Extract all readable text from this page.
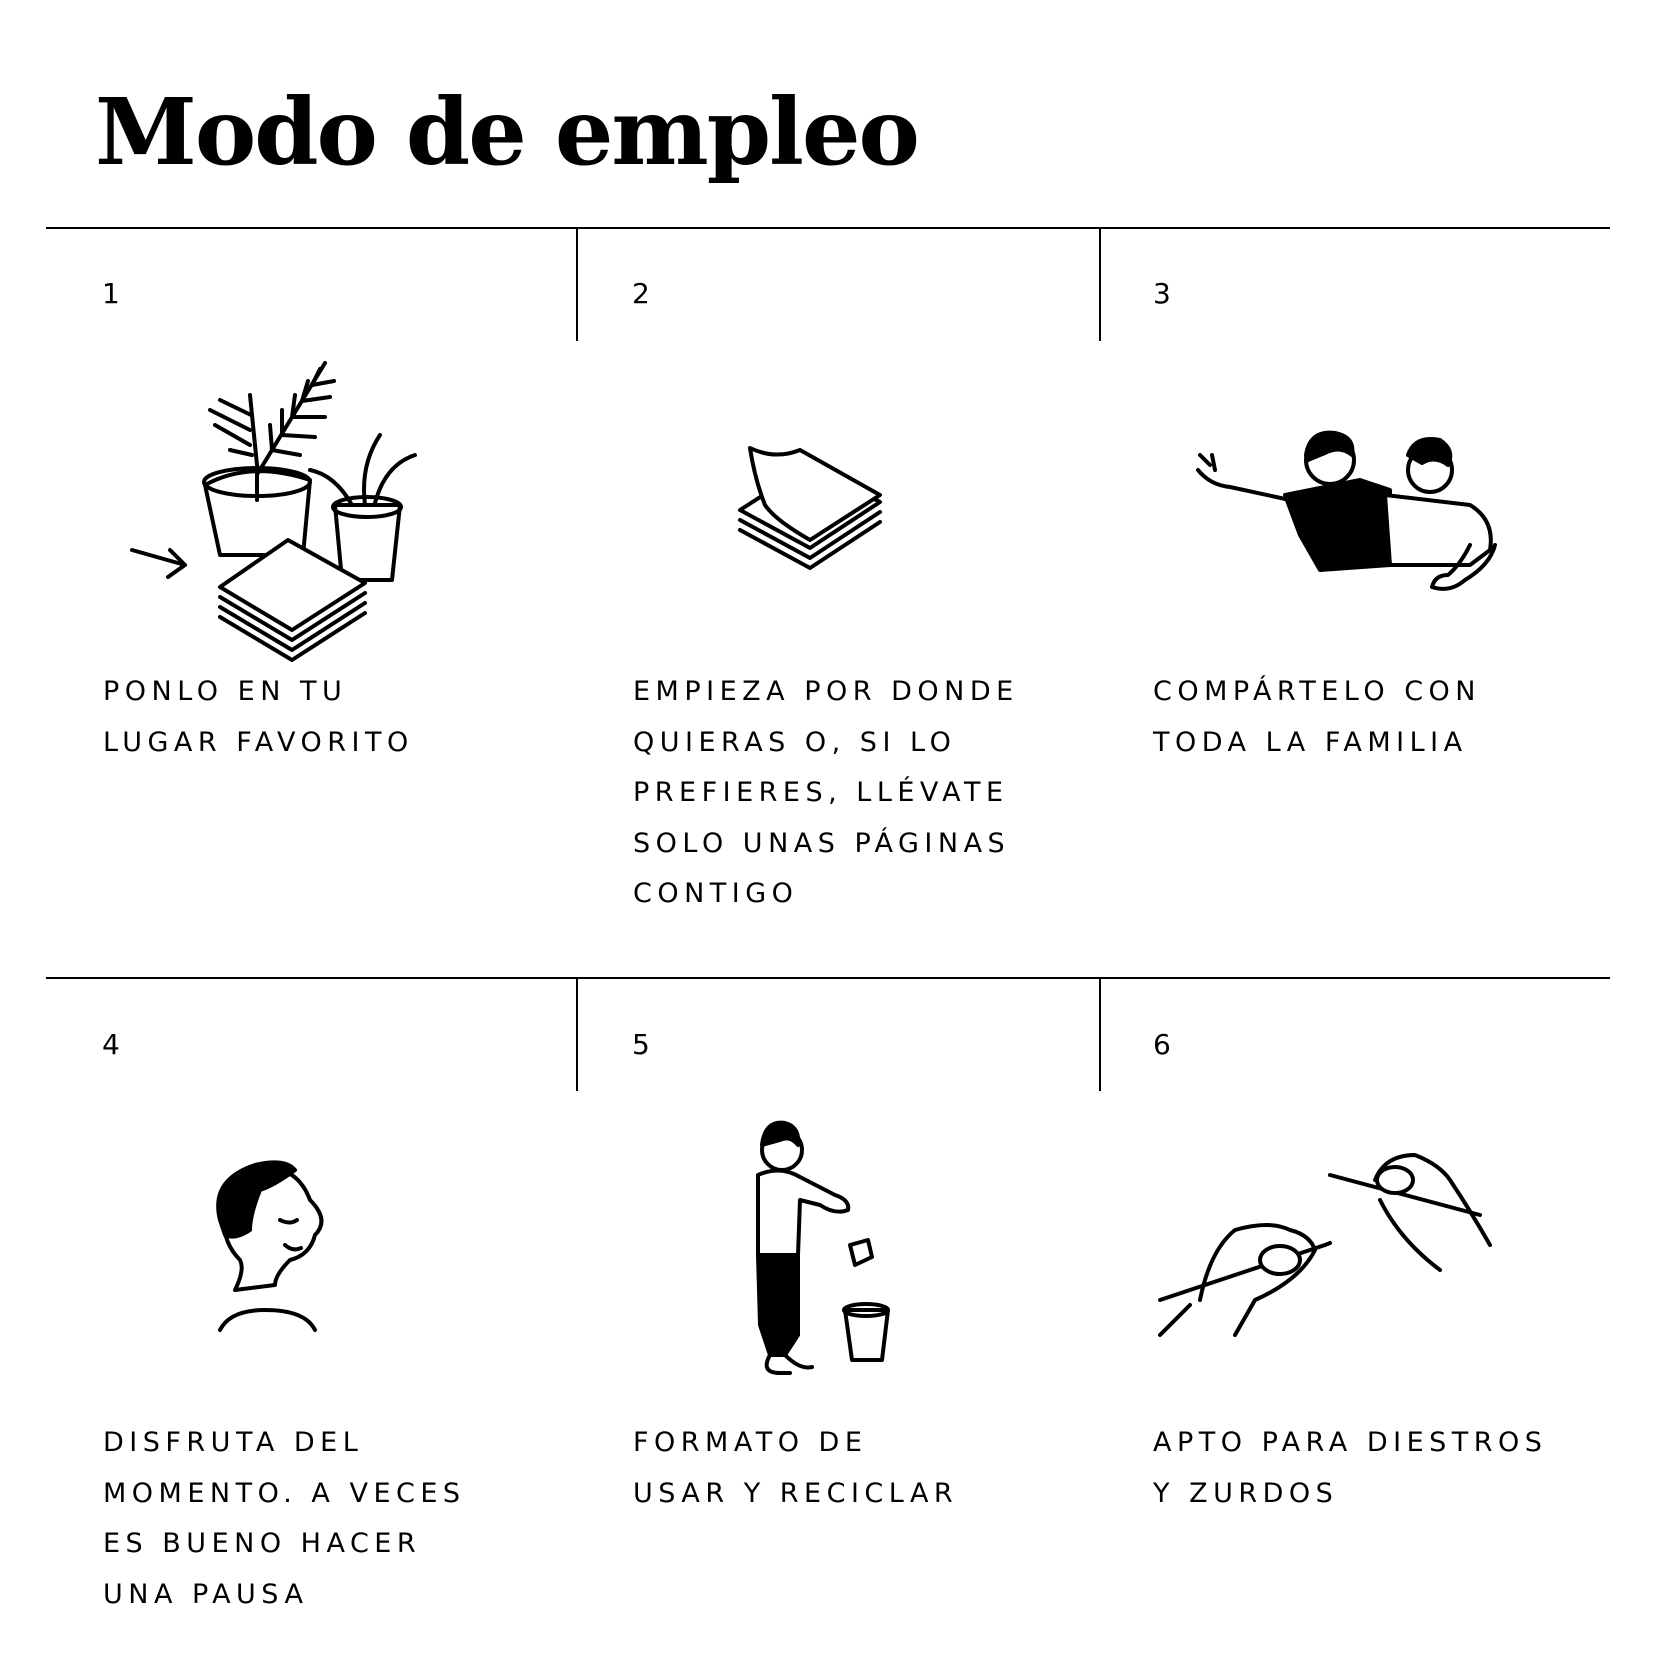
Modo de empleo
1
PONLO EN TU
LUGAR FAVORITO
2
EMPIEZA POR DONDE
QUIERAS O, SI LO
PREFIERES, LLÉVATE
SOLO UNAS PÁGINAS
CONTIGO
3
COMPÁRTELO CON
TODA LA FAMILIA
4
DISFRUTA DEL
MOMENTO. A VECES
ES BUENO HACER
UNA PAUSA
5
FORMATO DE
USAR Y RECICLAR
6
APTO PARA DIESTROS
Y ZURDOS
